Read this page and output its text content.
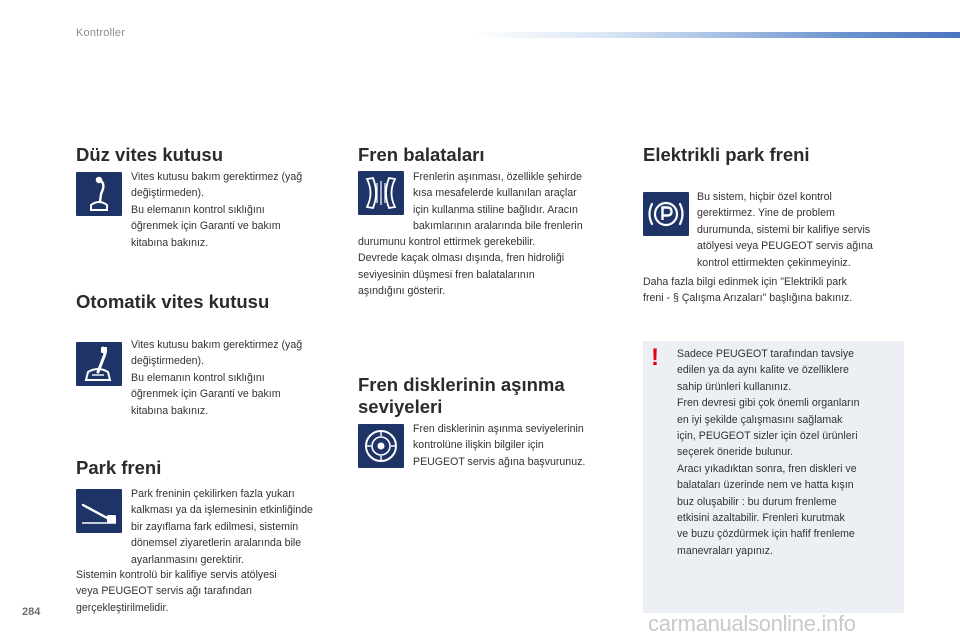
Kontroller
Düz vites kutusu
Vites kutusu bakım gerektirmez (yağ
değiştirmeden).
Bu elemanın kontrol sıklığını
öğrenmek için Garanti ve bakım
kitabına bakınız.
Otomatik vites kutusu
Vites kutusu bakım gerektirmez (yağ
değiştirmeden).
Bu elemanın kontrol sıklığını
öğrenmek için Garanti ve bakım
kitabına bakınız.
Park freni
Park freninin çekilirken fazla yukarı
kalkması ya da işlemesinin etkinliğinde
bir zayıflama fark edilmesi, sistemin
dönemsel ziyaretlerin aralarında bile
ayarlanmasını gerektirir.
Sistemin kontrolü bir kalifiye servis atölyesi
veya PEUGEOT servis ağı tarafından
gerçekleştirilmelidir.
Fren balataları
Frenlerin aşınması, özellikle şehirde
kısa mesafelerde kullanılan araçlar
için kullanma stiline bağlıdır. Aracın
bakımlarının aralarında bile frenlerin
durumunu kontrol ettirmek gerekebilir.
Devrede kaçak olması dışında, fren hidroliği
seviyesinin düşmesi fren balatalarının
aşındığını gösterir.
Fren disklerinin aşınma
seviyeleri
Fren disklerinin aşınma seviyelerinin
kontrolüne ilişkin bilgiler için
PEUGEOT servis ağına başvurunuz.
Elektrikli park freni
Bu sistem, hiçbir özel kontrol
gerektirmez. Yine de problem
durumunda, sistemi bir kalifiye servis
atölyesi veya PEUGEOT servis ağına
kontrol ettirmekten çekinmeyiniz.
Daha fazla bilgi edinmek için "Elektrikli park
freni - § Çalışma Arızaları" başlığına bakınız.
! Sadece PEUGEOT tarafından tavsiye
edilen ya da aynı kalite ve özelliklere
sahip ürünleri kullanınız.
Fren devresi gibi çok önemli organların
en iyi şekilde çalışmasını sağlamak
için, PEUGEOT sizler için özel ürünleri
seçerek öneride bulunur.
Aracı yıkadıktan sonra, fren diskleri ve
balataları üzerinde nem ve hatta kışın
buz oluşabilir : bu durum frenleme
etkisini azaltabilir. Frenleri kurutmak
ve buzu çözdürmek için hafif frenleme
manevraları yapınız.
284	carmanualsonline.info
